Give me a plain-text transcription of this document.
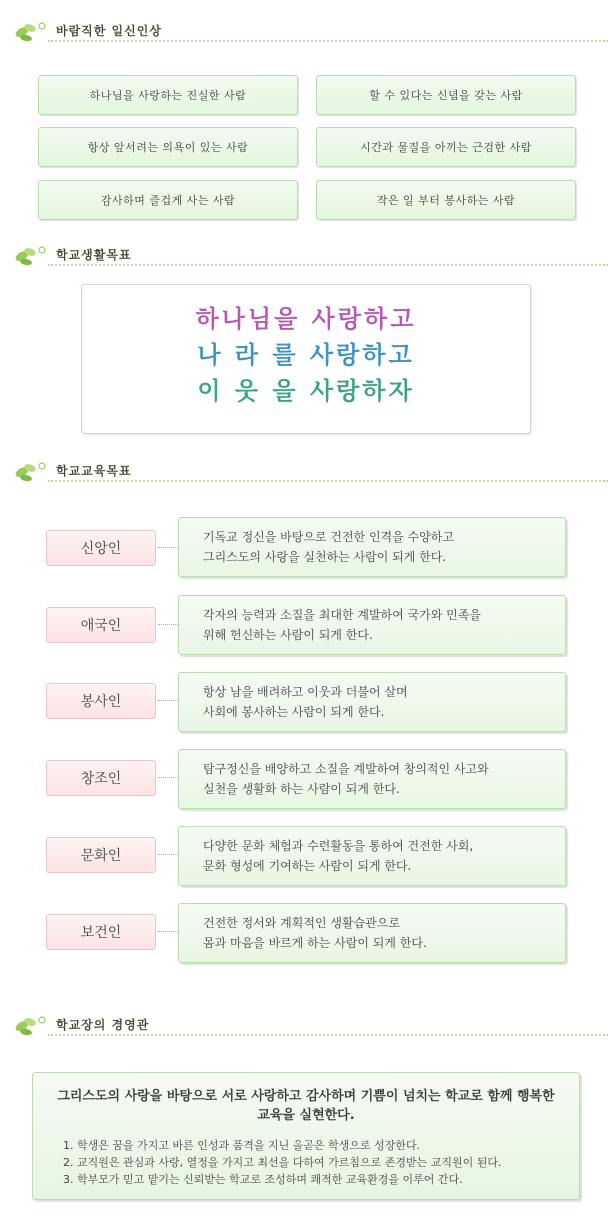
바람직한 일신인상
하나님을 사랑하는 진실한 사람	할 수 있다는 신념을 갖는 사람
항상 앞서려는 의욕이 있는 사람	시간과 물질을 아끼는 근검한 사람
감사하며 즐겁게 사는 사람	작은 일 부터 봉사하는 사람
학교생활목표
하나님을 사랑하고
나 라 를 사랑하고
이 웃 을 사랑하자
학교교육목표
신앙인
기독교 정신을 바탕으로 건전한 인격을 수양하고
그리스도의 사랑을 실천하는 사람이 되게 한다.
애국인
각자의 능력과 소질을 최대한 계발하여 국가와 민족을
위해 헌신하는 사람이 되게 한다.
봉사인
항상 남을 배려하고 이웃과 더불어 살며
사회에 봉사하는 사람이 되게 한다.
창조인
탐구정신을 배양하고 소질을 계발하여 창의적인 사고와
실천을 생활화 하는 사람이 되게 한다.
문화인
다양한 문화 체험과 수련활동을 통하여 건전한 사회,
문화 형성에 기여하는 사람이 되게 한다.
보건인
건전한 정서와 계획적인 생활습관으로
몸과 마음을 바르게 하는 사람이 되게 한다.
학교장의 경영관
그리스도의 사랑을 바탕으로 서로 사랑하고 감사하며 기쁨이 넘치는 학교로 함께 행복한 교육을 실현한다.
1. 학생은 꿈을 가지고 바른 인성과 품격을 지닌 올곧은 학생으로 성장한다.
2. 교직원은 관심과 사랑, 열정을 가지고 최선을 다하여 가르침으로 존경받는 교직원이 된다.
3. 학부모가 믿고 맡기는 신뢰받는 학교로 조성하며 쾌적한 교육환경을 이루어 간다.
